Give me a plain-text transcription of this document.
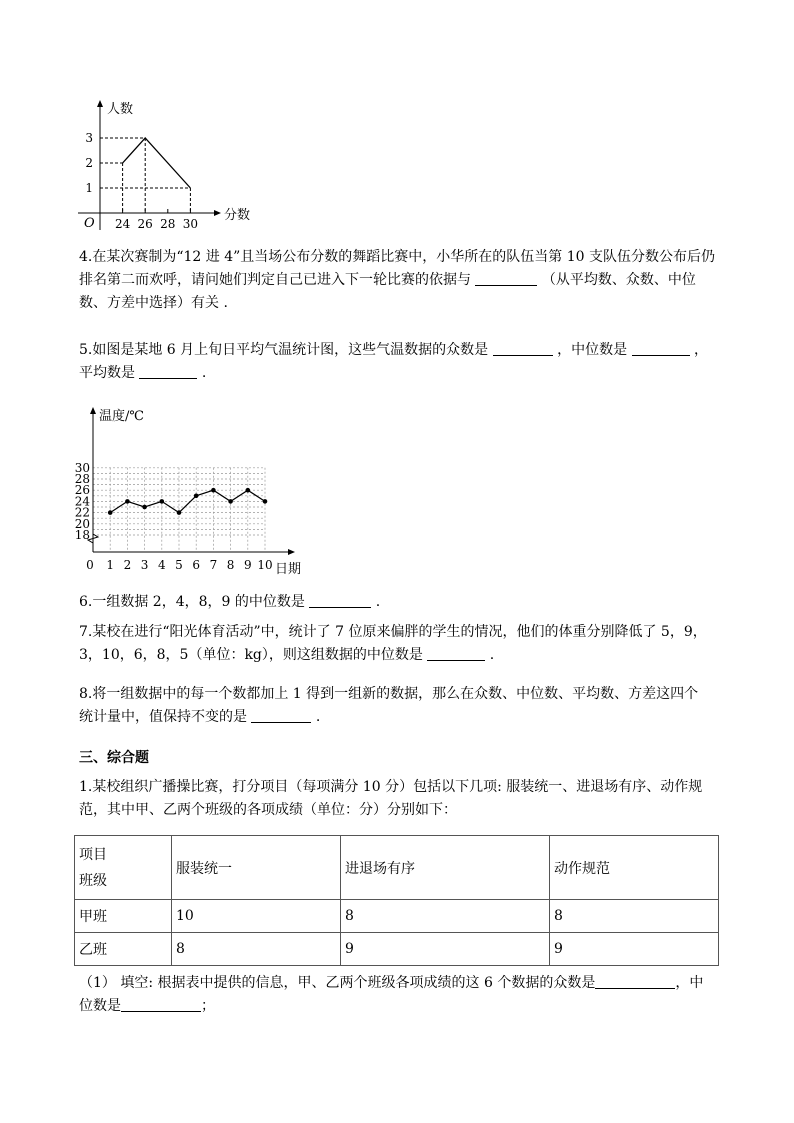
24 26 28 30
1
2
3
O
人数
分数
4.在某次赛制为“12 进 4”且当场公布分数的舞蹈比赛中，小华所在的队伍当第 10 支队伍分数公布后仍
排名第二而欢呼，请问她们判定自己已进入下一轮比赛的依据与	（从平均数、众数、中位
数、方差中选择）有关 .
5.如图是某地 6 月上旬日平均气温统计图，这些气温数据的众数是	，中位数是	，
平均数是	.
0 1 2 3 4 5 6 7 8 9 10
18
20
22
24
26
28
30
温度/℃
日期
6.一组数据 2，4，8，9 的中位数是	.
7.某校在进行“阳光体育活动”中，统计了 7 位原来偏胖的学生的情况，他们的体重分别降低了 5，9，
3，10，6，8，5（单位：kg），则这组数据的中位数是	.
8.将一组数据中的每一个数都加上 1 得到一组新的数据，那么在众数、中位数、平均数、方差这四个
统计量中，值保持不变的是	.
三、综合题
1.某校组织广播操比赛，打分项目（每项满分 10 分）包括以下几项: 服装统一、进退场有序、动作规
范，其中甲、乙两个班级的各项成绩（单位：分）分别如下：
项目
班级	服装统一	进退场有序	动作规范
甲班	10	8	8
乙班	8	9	9
（1） 填空: 根据表中提供的信息，甲、乙两个班级各项成绩的这 6 个数据的众数是	，中
位数是	；
